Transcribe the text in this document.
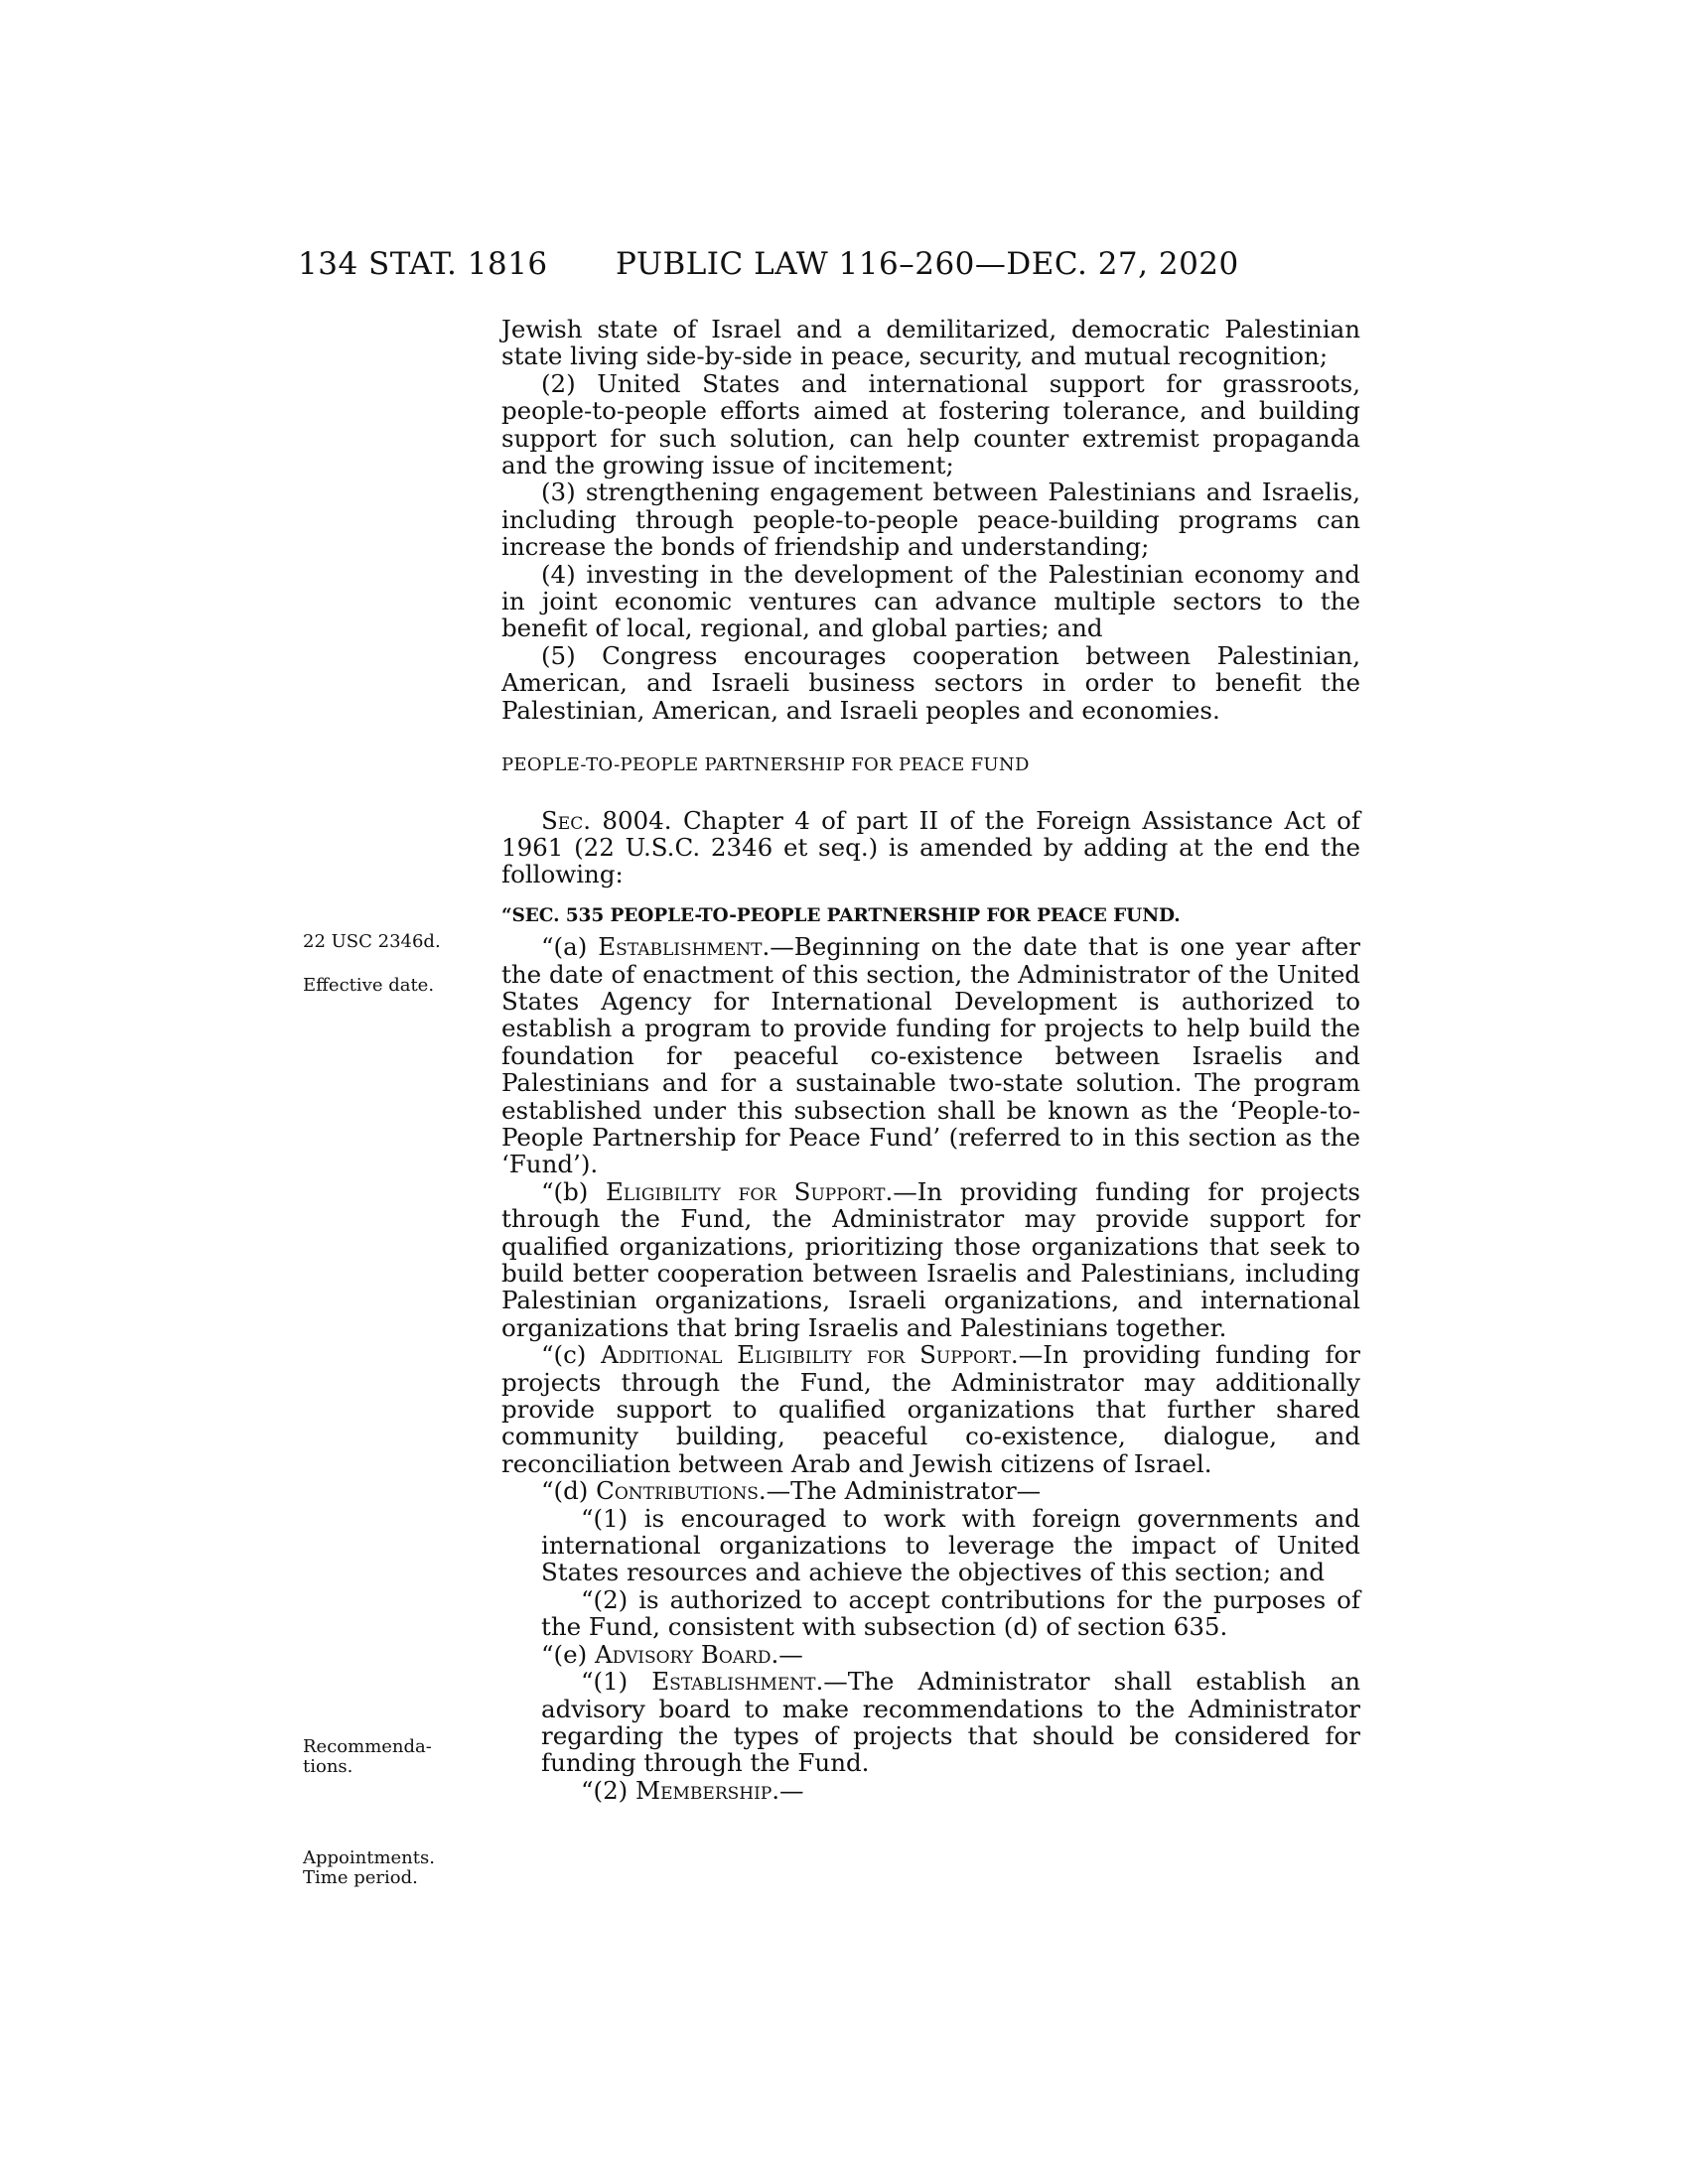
134 STAT. 1816 PUBLIC LAW 116–260—DEC. 27, 2020
22 USC 2346d.
Effective date.
Recommenda-
tions.
Appointments.
Time period.

Jewish state of Israel and a demilitarized, democratic Palestinian state living side-by-side in peace, security, and mutual recognition;

(2) United States and international support for grassroots, people-to-people efforts aimed at fostering tolerance, and building support for such solution, can help counter extremist propaganda and the growing issue of incitement;

(3) strengthening engagement between Palestinians and Israelis, including through people-to-people peace-building programs can increase the bonds of friendship and understanding;

(4) investing in the development of the Palestinian economy and in joint economic ventures can advance multiple sectors to the benefit of local, regional, and global parties; and

(5) Congress encourages cooperation between Palestinian, American, and Israeli business sectors in order to benefit the Palestinian, American, and Israeli peoples and economies.

PEOPLE-TO-PEOPLE PARTNERSHIP FOR PEACE FUND

Sec. 8004. Chapter 4 of part II of the Foreign Assistance Act of 1961 (22 U.S.C. 2346 et seq.) is amended by adding at the end the following:

“SEC. 535 PEOPLE-TO-PEOPLE PARTNERSHIP FOR PEACE FUND.

“(a) Establishment.—Beginning on the date that is one year after the date of enactment of this section, the Administrator of the United States Agency for International Development is authorized to establish a program to provide funding for projects to help build the foundation for peaceful co-existence between Israelis and Palestinians and for a sustainable two-state solution. The program established under this subsection shall be known as the ‘People-to-People Partnership for Peace Fund’ (referred to in this section as the ‘Fund’).

“(b) Eligibility for Support.—In providing funding for projects through the Fund, the Administrator may provide support for qualified organizations, prioritizing those organizations that seek to build better cooperation between Israelis and Palestinians, including Palestinian organizations, Israeli organizations, and international organizations that bring Israelis and Palestinians together.

“(c) Additional Eligibility for Support.—In providing funding for projects through the Fund, the Administrator may additionally provide support to qualified organizations that further shared community building, peaceful co-existence, dialogue, and reconciliation between Arab and Jewish citizens of Israel.

“(d) Contributions.—The Administrator—

“(1) is encouraged to work with foreign governments and international organizations to leverage the impact of United States resources and achieve the objectives of this section; and

“(2) is authorized to accept contributions for the purposes of the Fund, consistent with subsection (d) of section 635.

“(e) Advisory Board.—

“(1) Establishment.—The Administrator shall establish an advisory board to make recommendations to the Administrator regarding the types of projects that should be considered for funding through the Fund.

“(2) Membership.—
